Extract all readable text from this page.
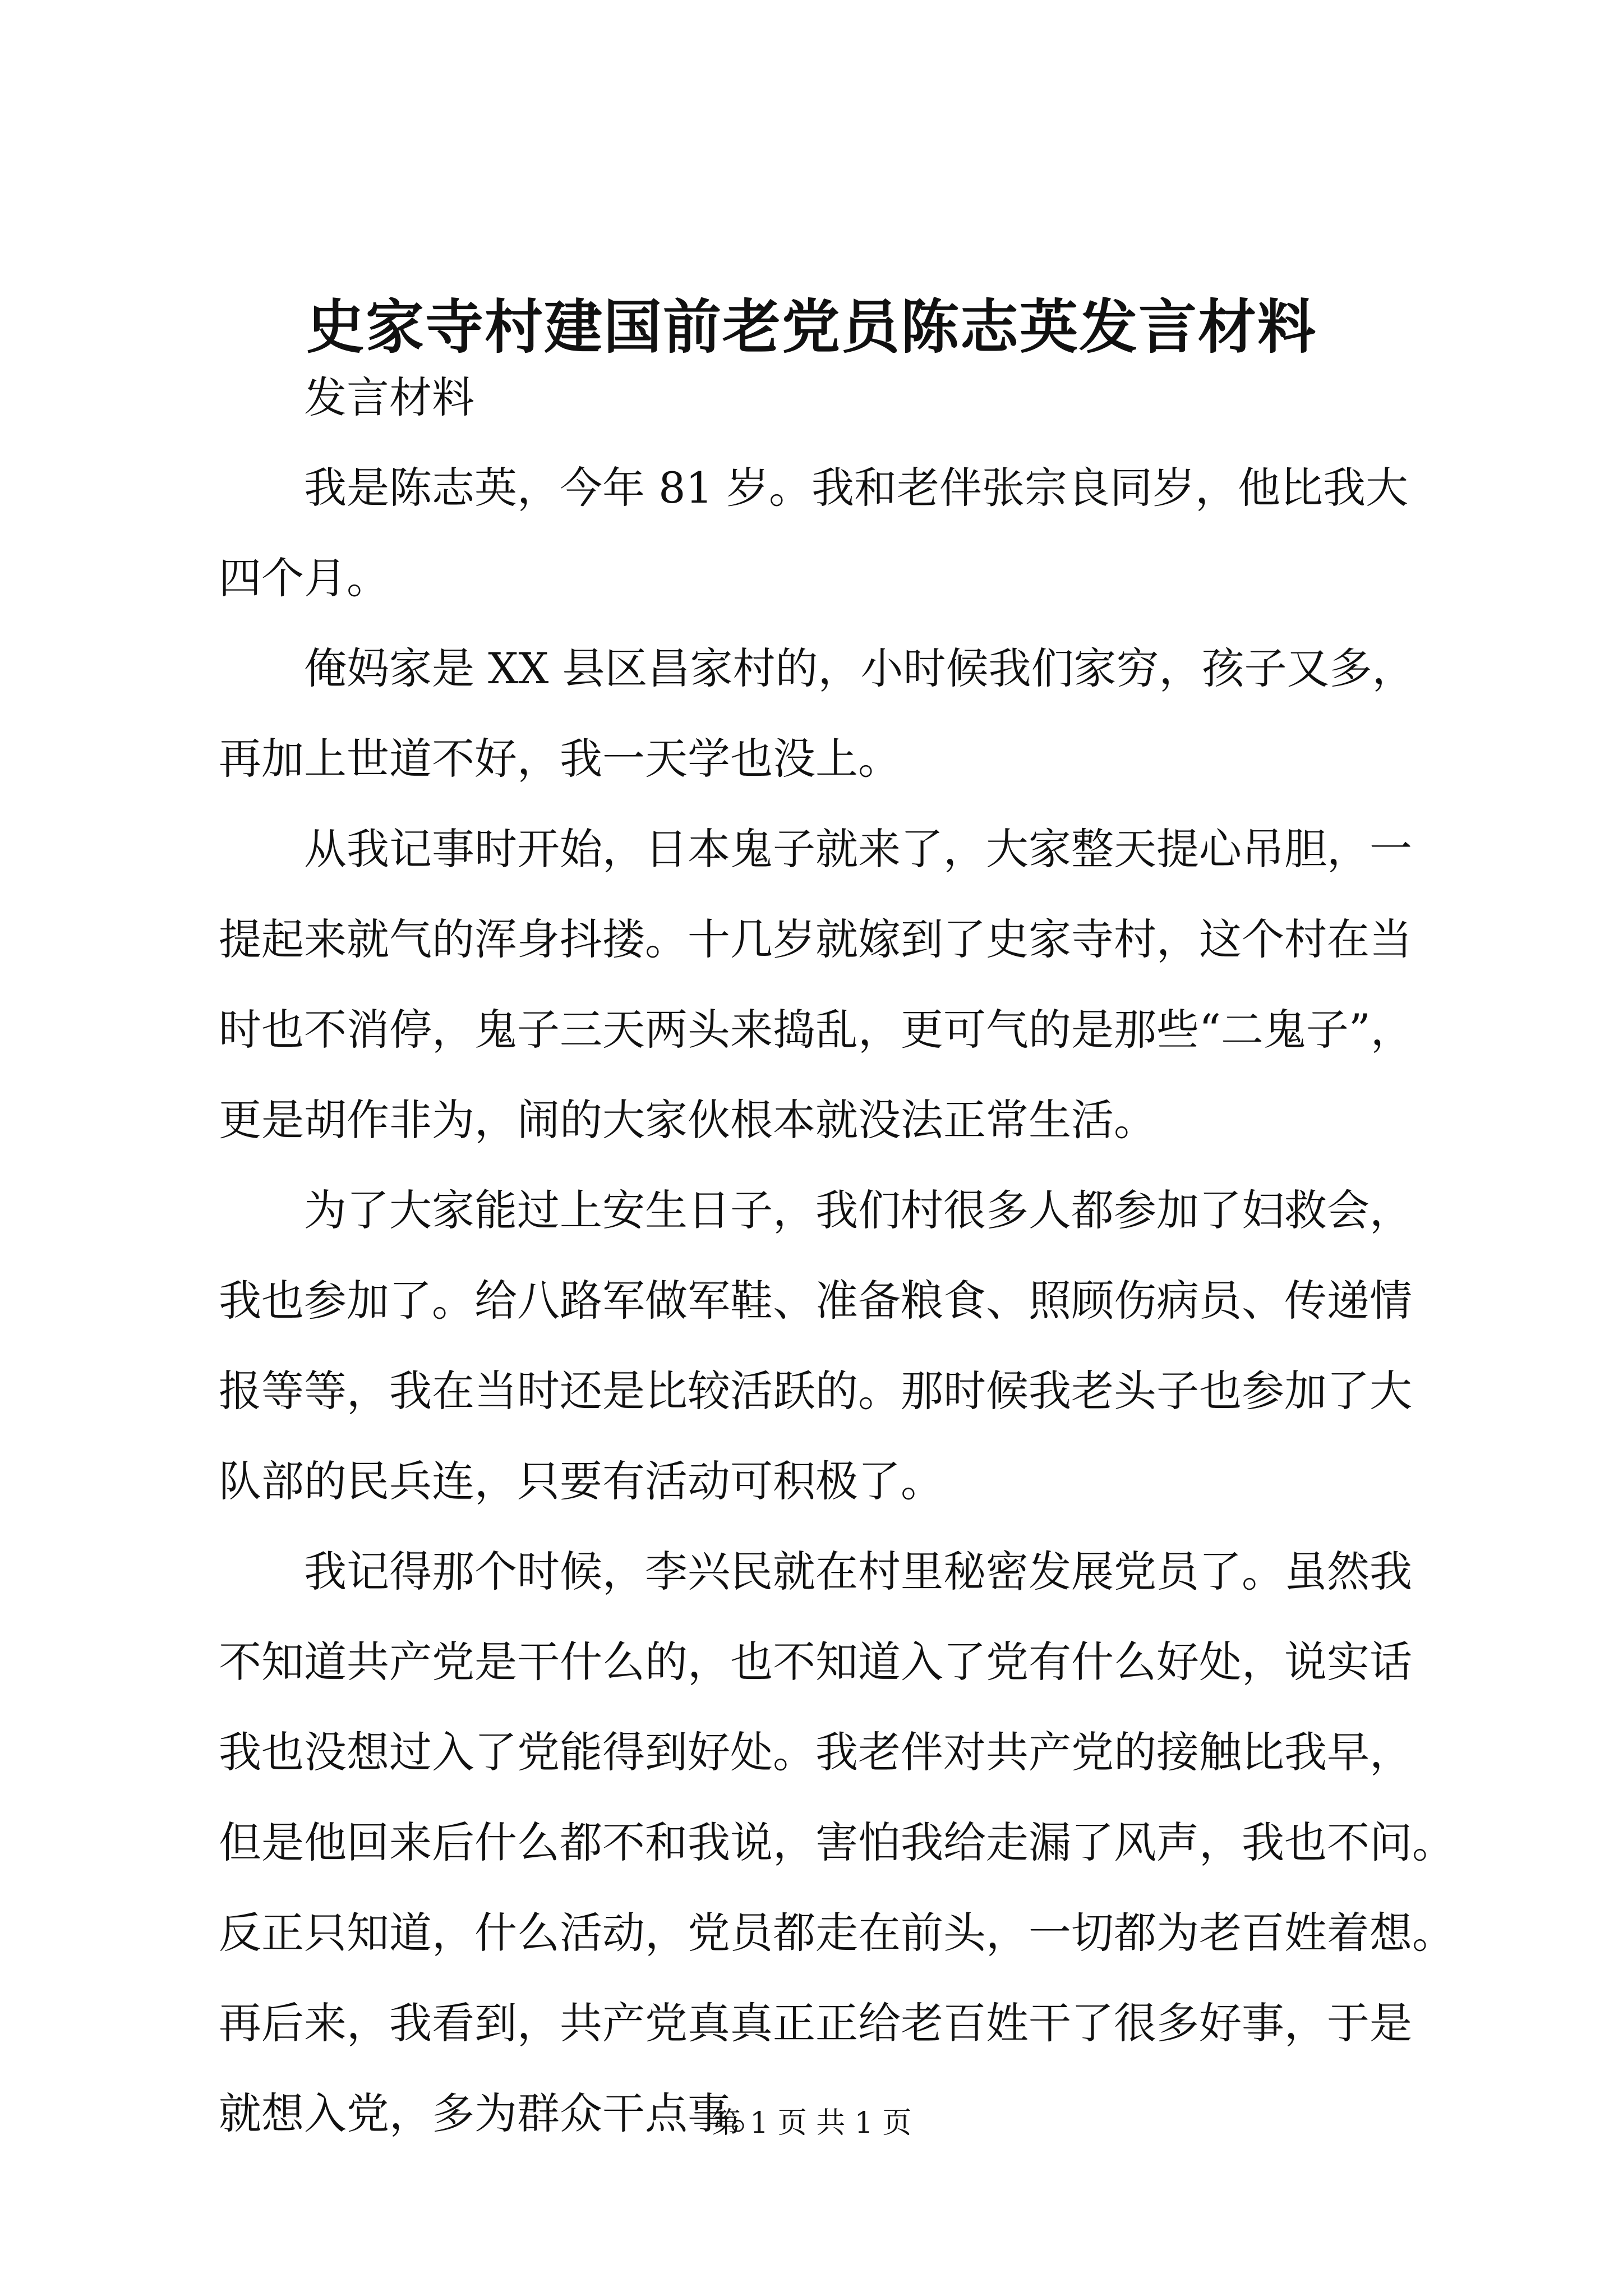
史家寺村建国前老党员陈志英发言材料
发言材料
我是陈志英，今年 81 岁。我和老伴张宗良同岁，他比我大
四个月。
俺妈家是 XX 县区昌家村的，小时候我们家穷，孩子又多，
再加上世道不好，我一天学也没上。
从我记事时开始，日本鬼子就来了，大家整天提心吊胆，一
提起来就气的浑身抖搂。十几岁就嫁到了史家寺村，这个村在当
时也不消停，鬼子三天两头来捣乱，更可气的是那些“二鬼子”，
更是胡作非为，闹的大家伙根本就没法正常生活。
为了大家能过上安生日子，我们村很多人都参加了妇救会，
我也参加了。给八路军做军鞋、准备粮食、照顾伤病员、传递情
报等等，我在当时还是比较活跃的。那时候我老头子也参加了大
队部的民兵连，只要有活动可积极了。
我记得那个时候，李兴民就在村里秘密发展党员了。虽然我
不知道共产党是干什么的，也不知道入了党有什么好处，说实话
我也没想过入了党能得到好处。我老伴对共产党的接触比我早，
但是他回来后什么都不和我说，害怕我给走漏了风声，我也不问。
反正只知道，什么活动，党员都走在前头，一切都为老百姓着想。
再后来，我看到，共产党真真正正给老百姓干了很多好事，于是
就想入党，多为群众干点事。
第 1 页 共 1 页
